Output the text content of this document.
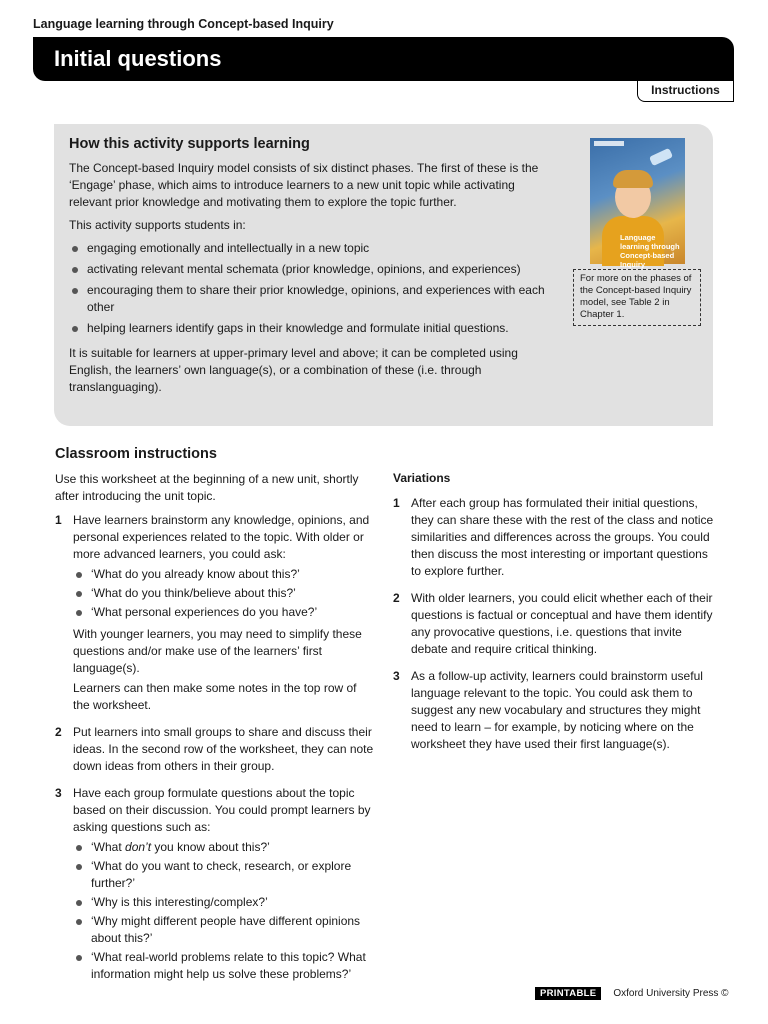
Language learning through Concept-based Inquiry
Initial questions
Instructions
How this activity supports learning

The Concept-based Inquiry model consists of six distinct phases. The first of these is the ‘Engage’ phase, which aims to introduce learners to a new unit topic while activating relevant prior knowledge and motivating them to explore the topic further.

This activity supports students in:

engaging emotionally and intellectually in a new topic
activating relevant mental schemata (prior knowledge, opinions, and experiences)
encouraging them to share their prior knowledge, opinions, and experiences with each other
helping learners identify gaps in their knowledge and formulate initial questions.

It is suitable for learners at upper-primary level and above; it can be completed using English, the learners’ own language(s), or a combination of these (i.e. through translanguaging).

Language learning through Concept-based Inquiry
For more on the phases of the Concept-based Inquiry model, see Table 2 in Chapter 1.
Classroom instructions

Use this worksheet at the beginning of a new unit, shortly after introducing the unit topic.

1 Have learners brainstorm any knowledge, opinions, and personal experiences related to the topic. With older or more advanced learners, you could ask:

‘What do you already know about this?’
‘What do you think/believe about this?’
‘What personal experiences do you have?’

With younger learners, you may need to simplify these questions and/or make use of the learners’ first language(s).

Learners can then make some notes in the top row of the worksheet.

2 Put learners into small groups to share and discuss their ideas. In the second row of the worksheet, they can note down ideas from others in their group.

3 Have each group formulate questions about the topic based on their discussion. You could prompt learners by asking questions such as:

‘What don’t you know about this?’
‘What do you want to check, research, or explore further?’
‘Why is this interesting/complex?’
‘Why might different people have different opinions about this?’
‘What real-world problems relate to this topic? What information might help us solve these problems?’
Variations
1 After each group has formulated their initial questions, they can share these with the rest of the class and notice similarities and differences across the groups. You could then discuss the most interesting or important questions to explore further.

2 With older learners, you could elicit whether each of their questions is factual or conceptual and have them identify any provocative questions, i.e. questions that invite debate and require critical thinking.

3 As a follow-up activity, learners could brainstorm useful language relevant to the topic. You could ask them to suggest any new vocabulary and structures they might need to learn – for example, by noticing where on the worksheet they have used their first language(s).

PRINTABLE	Oxford University Press ©
